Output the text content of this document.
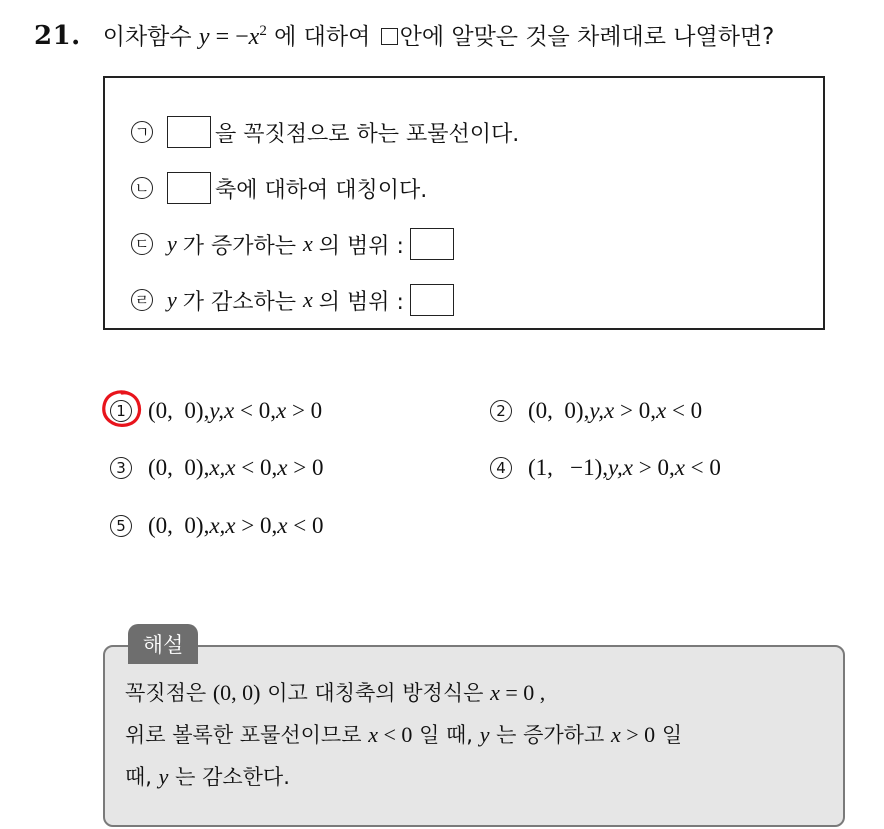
21. 이차함수 $y = -x^2$ 에 대하여 안에 알맞은 것을 차례대로 나열하면?
ㄱ	을 꼭짓점으로 하는 포물선이다.
ㄴ	축에 대하여 대칭이다.
ㄷ y 가 증가하는
x 의 범위 :
ㄹ y 가 감소하는
x 의 범위 :
1 (0,  0), y, x < 0, x > 0	2 (0,  0), y, x > 0, x < 0
3 (0,  0), x, x < 0, x > 0	4 (1,   −1), y, x > 0, x < 0
5 (0,  0), x, x > 0, x < 0
해설
꼭짓점은 (0, 0) 이고 대칭축의 방정식은 x = 0 ,
위로 볼록한 포물선이므로 x < 0 일 때, y 는 증가하고 x > 0 일
때, y 는 감소한다.
